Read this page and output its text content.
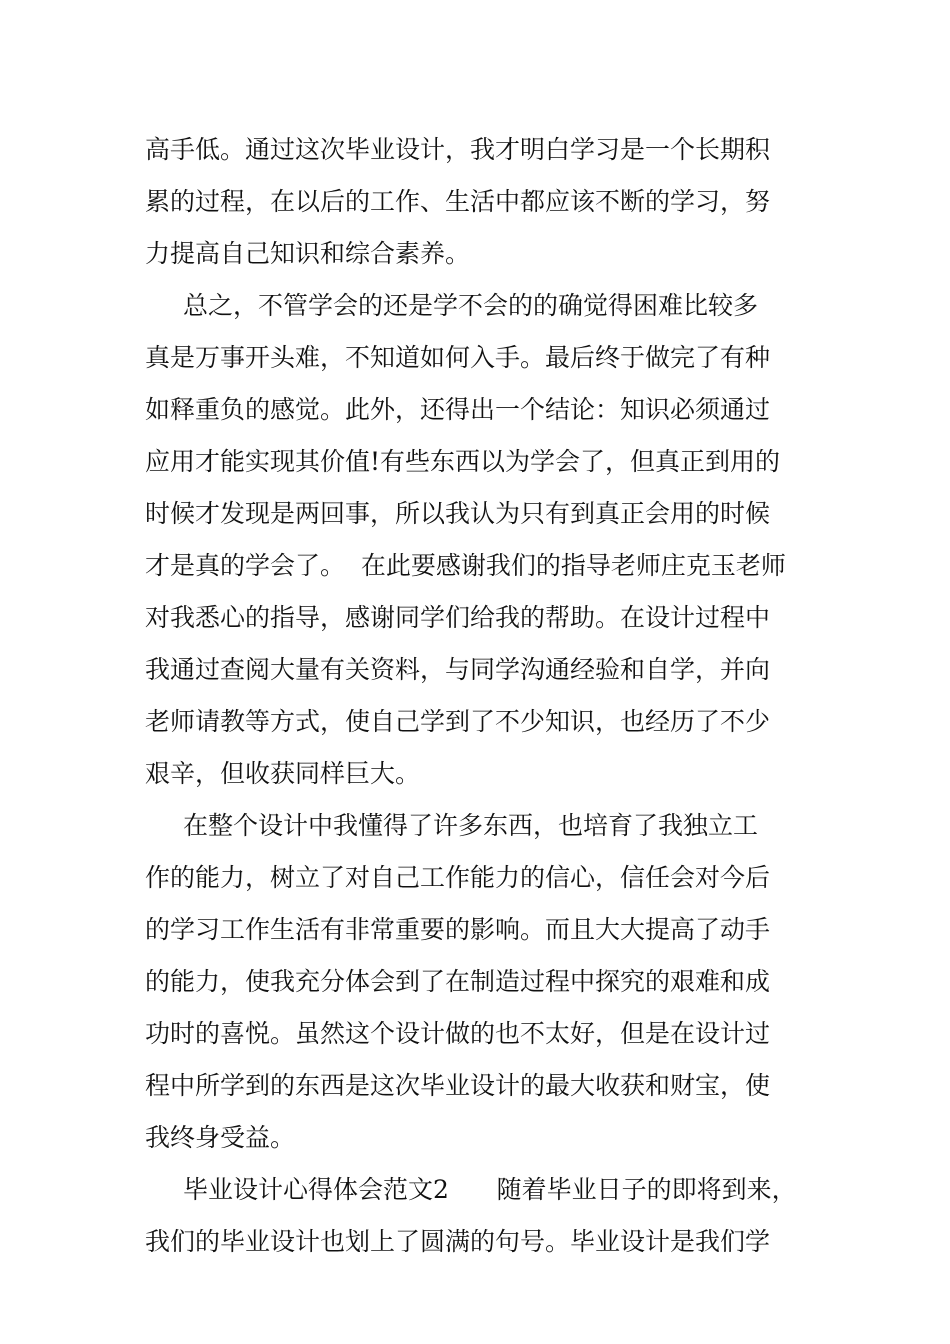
高手低。通过这次毕业设计，我才明白学习是一个长期积
累的过程，在以后的工作、生活中都应该不断的学习，努
力提高自己知识和综合素养。
总之，不管学会的还是学不会的的确觉得困难比较多
真是万事开头难，不知道如何入手。最后终于做完了有种
如释重负的感觉。此外，还得出一个结论：知识必须通过
应用才能实现其价值!有些东西以为学会了，但真正到用的
时候才发现是两回事，所以我认为只有到真正会用的时候
才是真的学会了。  在此要感谢我们的指导老师庄克玉老师
对我悉心的指导，感谢同学们给我的帮助。在设计过程中
我通过查阅大量有关资料，与同学沟通经验和自学，并向
老师请教等方式，使自己学到了不少知识，也经历了不少
艰辛，但收获同样巨大。
在整个设计中我懂得了许多东西，也培育了我独立工
作的能力，树立了对自己工作能力的信心，信任会对今后
的学习工作生活有非常重要的影响。而且大大提高了动手
的能力，使我充分体会到了在制造过程中探究的艰难和成
功时的喜悦。虽然这个设计做的也不太好，但是在设计过
程中所学到的东西是这次毕业设计的最大收获和财宝，使
我终身受益。
毕业设计心得体会范文2      随着毕业日子的即将到来，
我们的毕业设计也划上了圆满的句号。毕业设计是我们学
